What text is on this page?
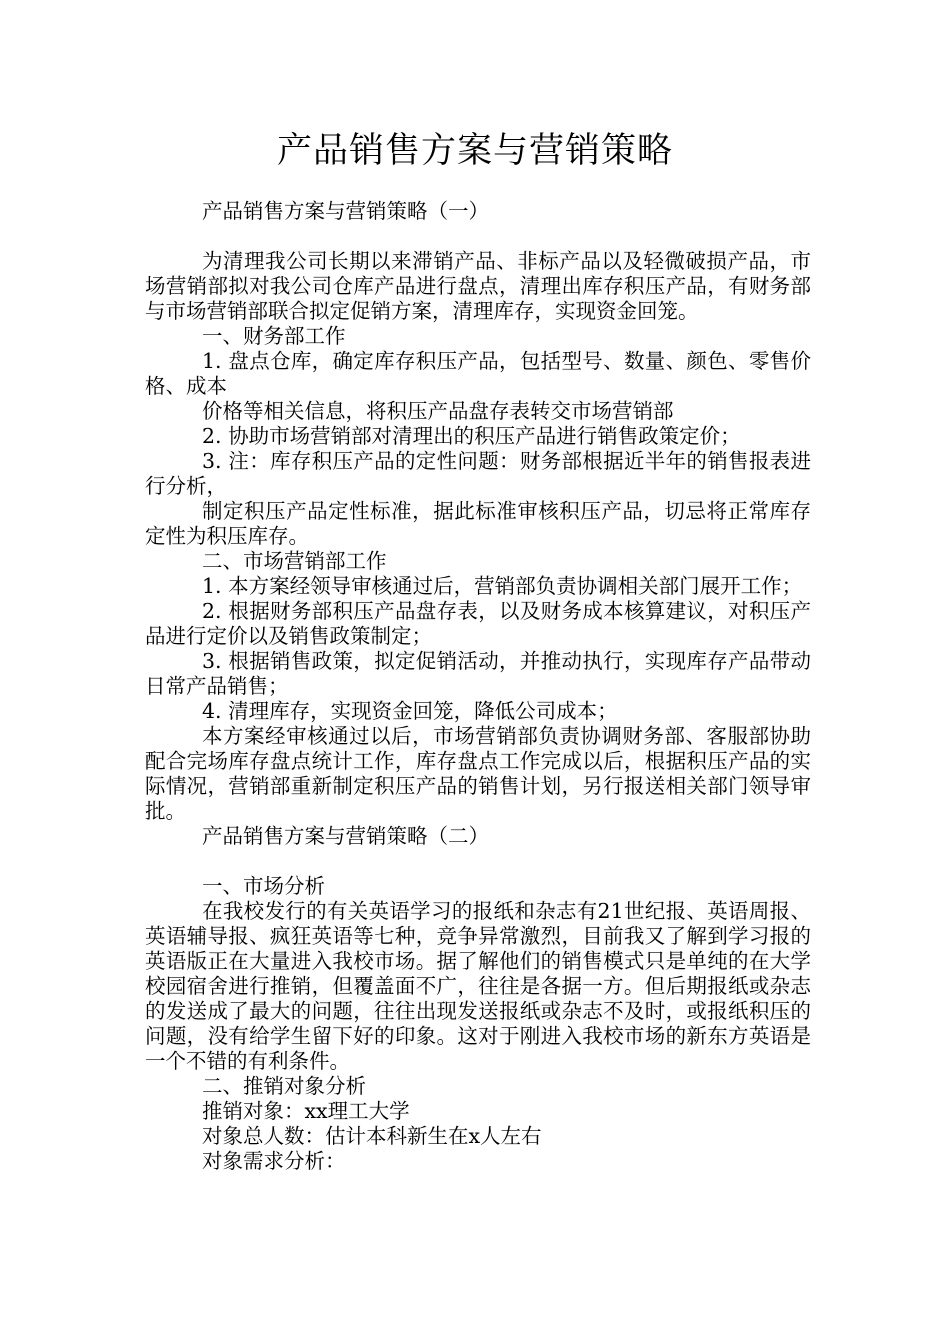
产品销售方案与营销策略

产品销售方案与营销策略（一）

为清理我公司长期以来滞销产品、非标产品以及轻微破损产品，市场营销部拟对我公司仓库产品进行盘点，清理出库存积压产品，有财务部与市场营销部联合拟定促销方案，清理库存，实现资金回笼。

一、财务部工作

1. 盘点仓库，确定库存积压产品，包括型号、数量、颜色、零售价格、成本

价格等相关信息，将积压产品盘存表转交市场营销部

2. 协助市场营销部对清理出的积压产品进行销售政策定价；

3. 注：库存积压产品的定性问题：财务部根据近半年的销售报表进行分析，

制定积压产品定性标准，据此标准审核积压产品，切忌将正常库存定性为积压库存。

二、市场营销部工作

1. 本方案经领导审核通过后，营销部负责协调相关部门展开工作；

2. 根据财务部积压产品盘存表，以及财务成本核算建议，对积压产品进行定价以及销售政策制定；

3. 根据销售政策，拟定促销活动，并推动执行，实现库存产品带动日常产品销售；

4. 清理库存，实现资金回笼，降低公司成本；

本方案经审核通过以后，市场营销部负责协调财务部、客服部协助配合完场库存盘点统计工作，库存盘点工作完成以后，根据积压产品的实际情况，营销部重新制定积压产品的销售计划，另行报送相关部门领导审批。

产品销售方案与营销策略（二）

一、市场分析

在我校发行的有关英语学习的报纸和杂志有21世纪报、英语周报、英语辅导报、疯狂英语等七种，竞争异常激烈，目前我又了解到学习报的英语版正在大量进入我校市场。据了解他们的销售模式只是单纯的在大学校园宿舍进行推销，但覆盖面不广，往往是各据一方。但后期报纸或杂志的发送成了最大的问题，往往出现发送报纸或杂志不及时，或报纸积压的问题，没有给学生留下好的印象。这对于刚进入我校市场的新东方英语是一个不错的有利条件。

二、推销对象分析

推销对象：xx理工大学

对象总人数：估计本科新生在x人左右

对象需求分析：
